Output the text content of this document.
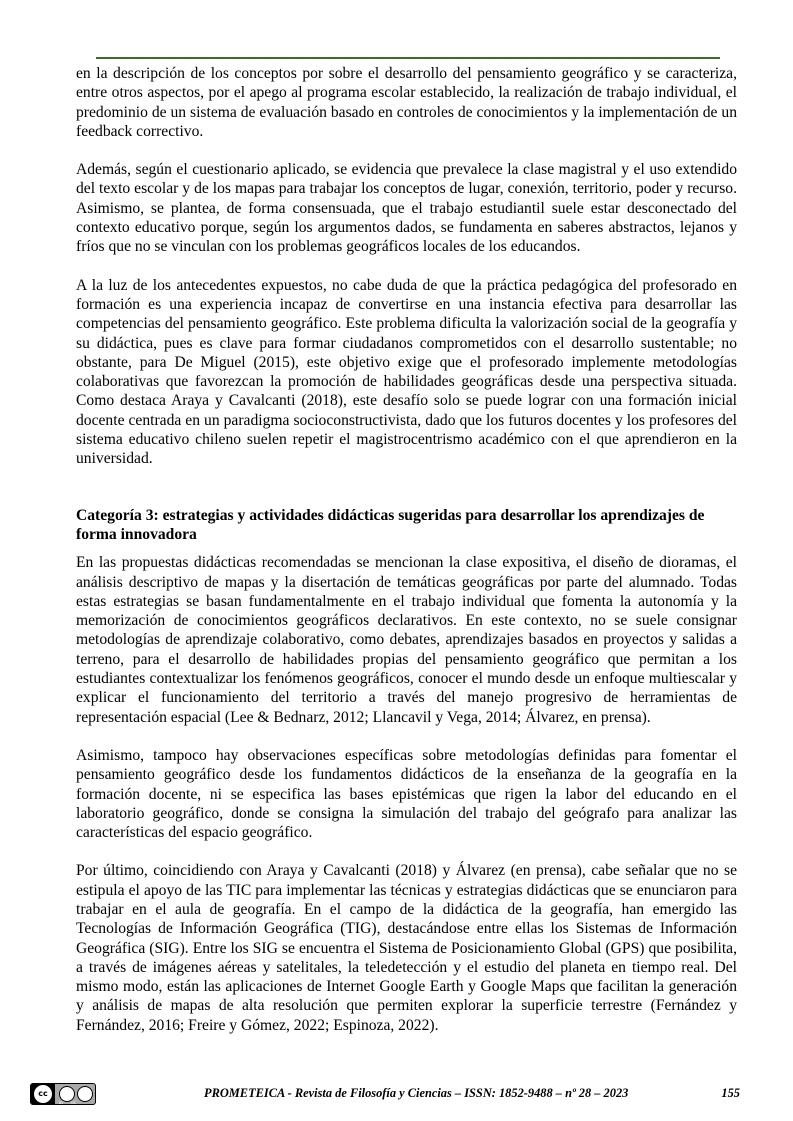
en la descripción de los conceptos por sobre el desarrollo del pensamiento geográfico y se caracteriza, entre otros aspectos, por el apego al programa escolar establecido, la realización de trabajo individual, el predominio de un sistema de evaluación basado en controles de conocimientos y la implementación de un feedback correctivo.

Además, según el cuestionario aplicado, se evidencia que prevalece la clase magistral y el uso extendido del texto escolar y de los mapas para trabajar los conceptos de lugar, conexión, territorio, poder y recurso. Asimismo, se plantea, de forma consensuada, que el trabajo estudiantil suele estar desconectado del contexto educativo porque, según los argumentos dados, se fundamenta en saberes abstractos, lejanos y fríos que no se vinculan con los problemas geográficos locales de los educandos.

A la luz de los antecedentes expuestos, no cabe duda de que la práctica pedagógica del profesorado en formación es una experiencia incapaz de convertirse en una instancia efectiva para desarrollar las competencias del pensamiento geográfico. Este problema dificulta la valorización social de la geografía y su didáctica, pues es clave para formar ciudadanos comprometidos con el desarrollo sustentable; no obstante, para De Miguel (2015), este objetivo exige que el profesorado implemente metodologías colaborativas que favorezcan la promoción de habilidades geográficas desde una perspectiva situada. Como destaca Araya y Cavalcanti (2018), este desafío solo se puede lograr con una formación inicial docente centrada en un paradigma socioconstructivista, dado que los futuros docentes y los profesores del sistema educativo chileno suelen repetir el magistrocentrismo académico con el que aprendieron en la universidad.

Categoría 3: estrategias y actividades didácticas sugeridas para desarrollar los aprendizajes de forma innovadora

En las propuestas didácticas recomendadas se mencionan la clase expositiva, el diseño de dioramas, el análisis descriptivo de mapas y la disertación de temáticas geográficas por parte del alumnado. Todas estas estrategias se basan fundamentalmente en el trabajo individual que fomenta la autonomía y la memorización de conocimientos geográficos declarativos. En este contexto, no se suele consignar metodologías de aprendizaje colaborativo, como debates, aprendizajes basados en proyectos y salidas a terreno, para el desarrollo de habilidades propias del pensamiento geográfico que permitan a los estudiantes contextualizar los fenómenos geográficos, conocer el mundo desde un enfoque multiescalar y explicar el funcionamiento del territorio a través del manejo progresivo de herramientas de representación espacial (Lee & Bednarz, 2012; Llancavil y Vega, 2014; Álvarez, en prensa).

Asimismo, tampoco hay observaciones específicas sobre metodologías definidas para fomentar el pensamiento geográfico desde los fundamentos didácticos de la enseñanza de la geografía en la formación docente, ni se especifica las bases epistémicas que rigen la labor del educando en el laboratorio geográfico, donde se consigna la simulación del trabajo del geógrafo para analizar las características del espacio geográfico.

Por último, coincidiendo con Araya y Cavalcanti (2018) y Álvarez (en prensa), cabe señalar que no se estipula el apoyo de las TIC para implementar las técnicas y estrategias didácticas que se enunciaron para trabajar en el aula de geografía. En el campo de la didáctica de la geografía, han emergido las Tecnologías de Información Geográfica (TIG), destacándose entre ellas los Sistemas de Información Geográfica (SIG). Entre los SIG se encuentra el Sistema de Posicionamiento Global (GPS) que posibilita, a través de imágenes aéreas y satelitales, la teledetección y el estudio del planeta en tiempo real. Del mismo modo, están las aplicaciones de Internet Google Earth y Google Maps que facilitan la generación y análisis de mapas de alta resolución que permiten explorar la superficie terrestre (Fernández y Fernández, 2016; Freire y Gómez, 2022; Espinoza, 2022).

cc
BY NC
PROMETEICA - Revista de Filosofía y Ciencias – ISSN: 1852-9488 – nº 28 – 2023	155
